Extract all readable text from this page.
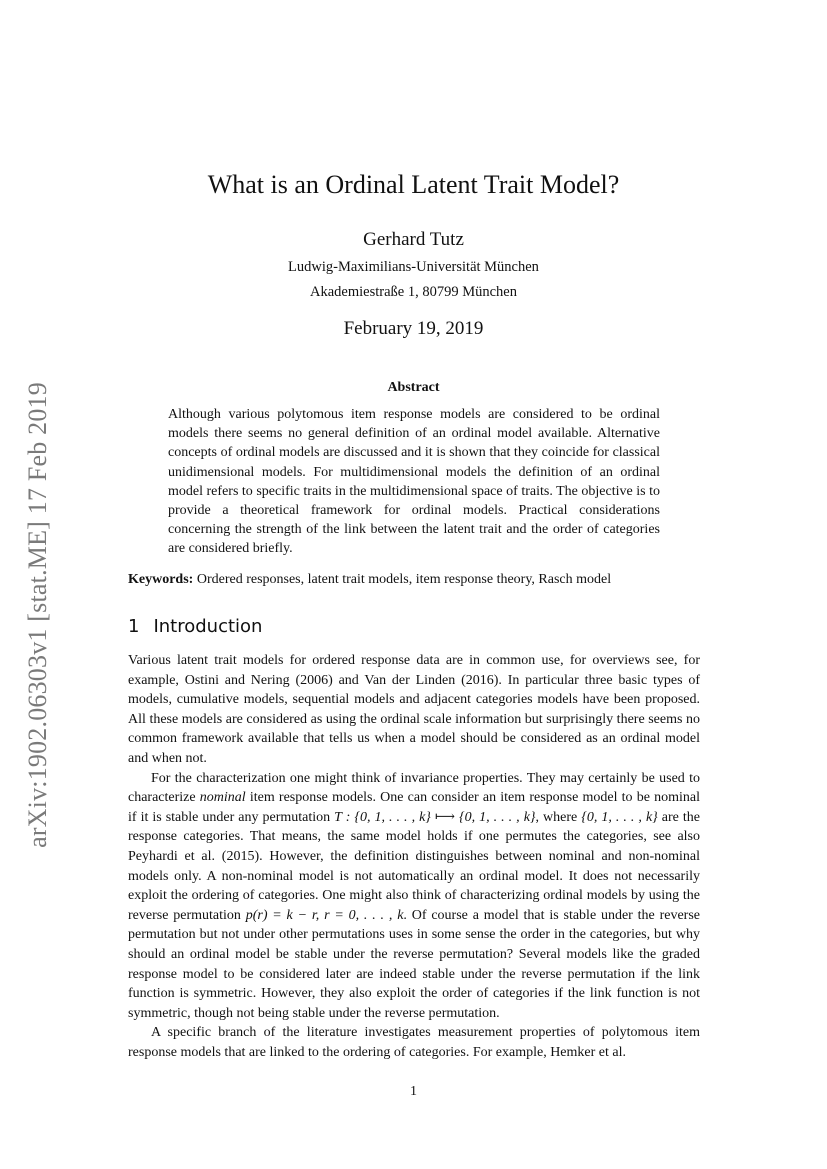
arXiv:1902.06303v1 [stat.ME] 17 Feb 2019
What is an Ordinal Latent Trait Model?
Gerhard Tutz
Ludwig-Maximilians-Universität München
Akademiestraße 1, 80799 München
February 19, 2019
Abstract

Although various polytomous item response models are considered to be ordinal models there seems no general definition of an ordinal model available. Alternative concepts of ordinal models are discussed and it is shown that they coincide for classical unidimensional models. For multidimensional models the definition of an ordinal model refers to specific traits in the multidimensional space of traits. The objective is to provide a theoretical framework for ordinal models. Practical considerations concerning the strength of the link between the latent trait and the order of categories are considered briefly.

Keywords: Ordered responses, latent trait models, item response theory, Rasch model

1 Introduction

Various latent trait models for ordered response data are in common use, for overviews see, for example, Ostini and Nering (2006) and Van der Linden (2016). In particular three basic types of models, cumulative models, sequential models and adjacent categories models have been proposed. All these models are considered as using the ordinal scale information but surprisingly there seems no common framework available that tells us when a model should be considered as an ordinal model and when not.

For the characterization one might think of invariance properties. They may certainly be used to characterize nominal item response models. One can consider an item response model to be nominal if it is stable under any permutation T : {0, 1, . . . , k} ⟼ {0, 1, . . . , k}, where {0, 1, . . . , k} are the response categories. That means, the same model holds if one permutes the categories, see also Peyhardi et al. (2015). However, the definition distinguishes between nominal and non-nominal models only. A non-nominal model is not automatically an ordinal model. It does not necessarily exploit the ordering of categories. One might also think of characterizing ordinal models by using the reverse permutation p(r) = k − r, r = 0, . . . , k. Of course a model that is stable under the reverse permutation but not under other permutations uses in some sense the order in the categories, but why should an ordinal model be stable under the reverse permutation? Several models like the graded response model to be considered later are indeed stable under the reverse permutation if the link function is symmetric. However, they also exploit the order of categories if the link function is not symmetric, though not being stable under the reverse permutation.

A specific branch of the literature investigates measurement properties of polytomous item response models that are linked to the ordering of categories. For example, Hemker et al.

1
